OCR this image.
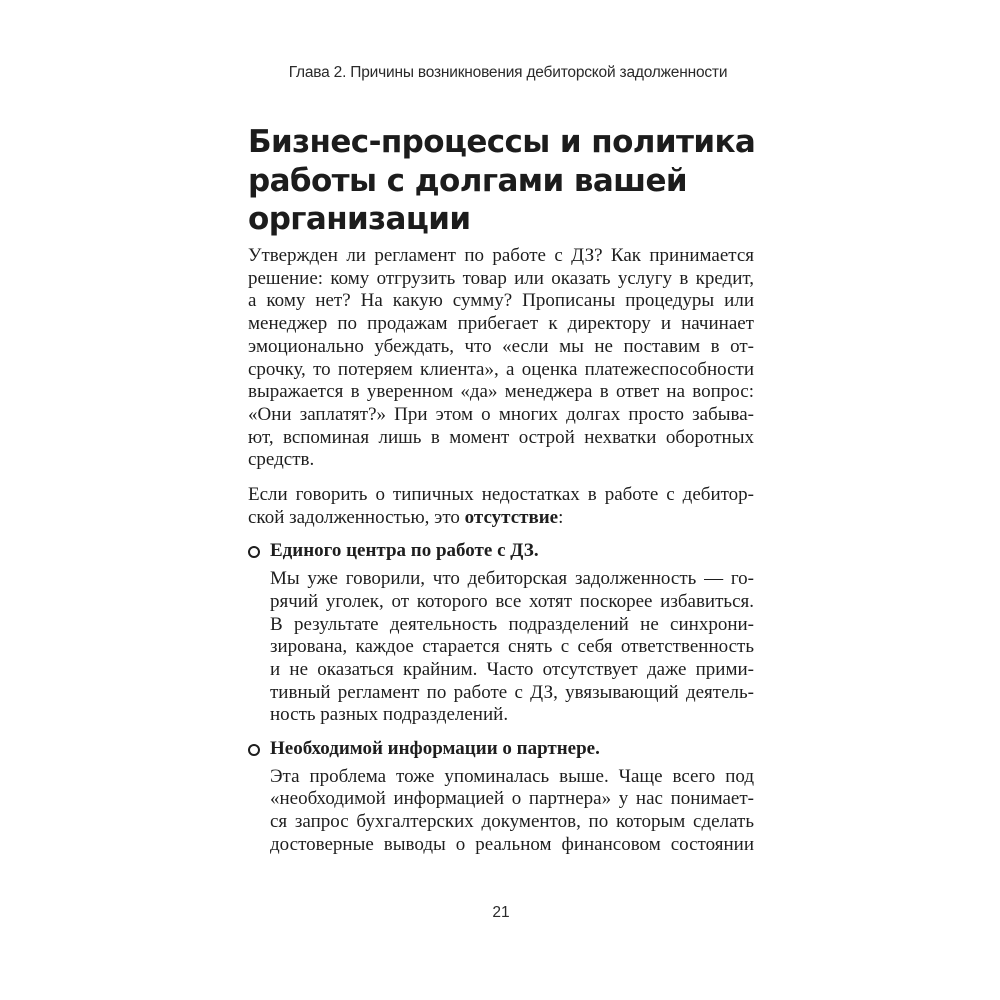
Глава 2. Причины возникновения дебиторской задолженности
Бизнес-процессы и политика
работы с долгами вашей
организации

Утвержден ли регламент по работе с ДЗ? Как принимается
решение: кому отгрузить товар или оказать услугу в кредит,
а кому нет? На какую сумму? Прописаны процедуры или
менеджер по продажам прибегает к директору и начинает
эмоционально убеждать, что «если мы не поставим в от-
срочку, то потеряем клиента», а оценка платежеспособности
выражается в уверенном «да» менеджера в ответ на вопрос:
«Они заплатят?» При этом о многих долгах просто забыва-
ют, вспоминая лишь в момент острой нехватки оборотных
средств.

Если говорить о типичных недостатках в работе с дебитор-
ской задолженностью, это отсутствие:

Единого центра по работе с ДЗ.
Мы уже говорили, что дебиторская задолженность — го-
рячий уголек, от которого все хотят поскорее избавиться.
В результате деятельность подразделений не синхрони-
зирована, каждое старается снять с себя ответственность
и не оказаться крайним. Часто отсутствует даже прими-
тивный регламент по работе с ДЗ, увязывающий деятель-
ность разных подразделений.
Необходимой информации о партнере.
Эта проблема тоже упоминалась выше. Чаще всего под
«необходимой информацией о партнера» у нас понимает-
ся запрос бухгалтерских документов, по которым сделать
достоверные выводы о реальном финансовом состоянии
21
